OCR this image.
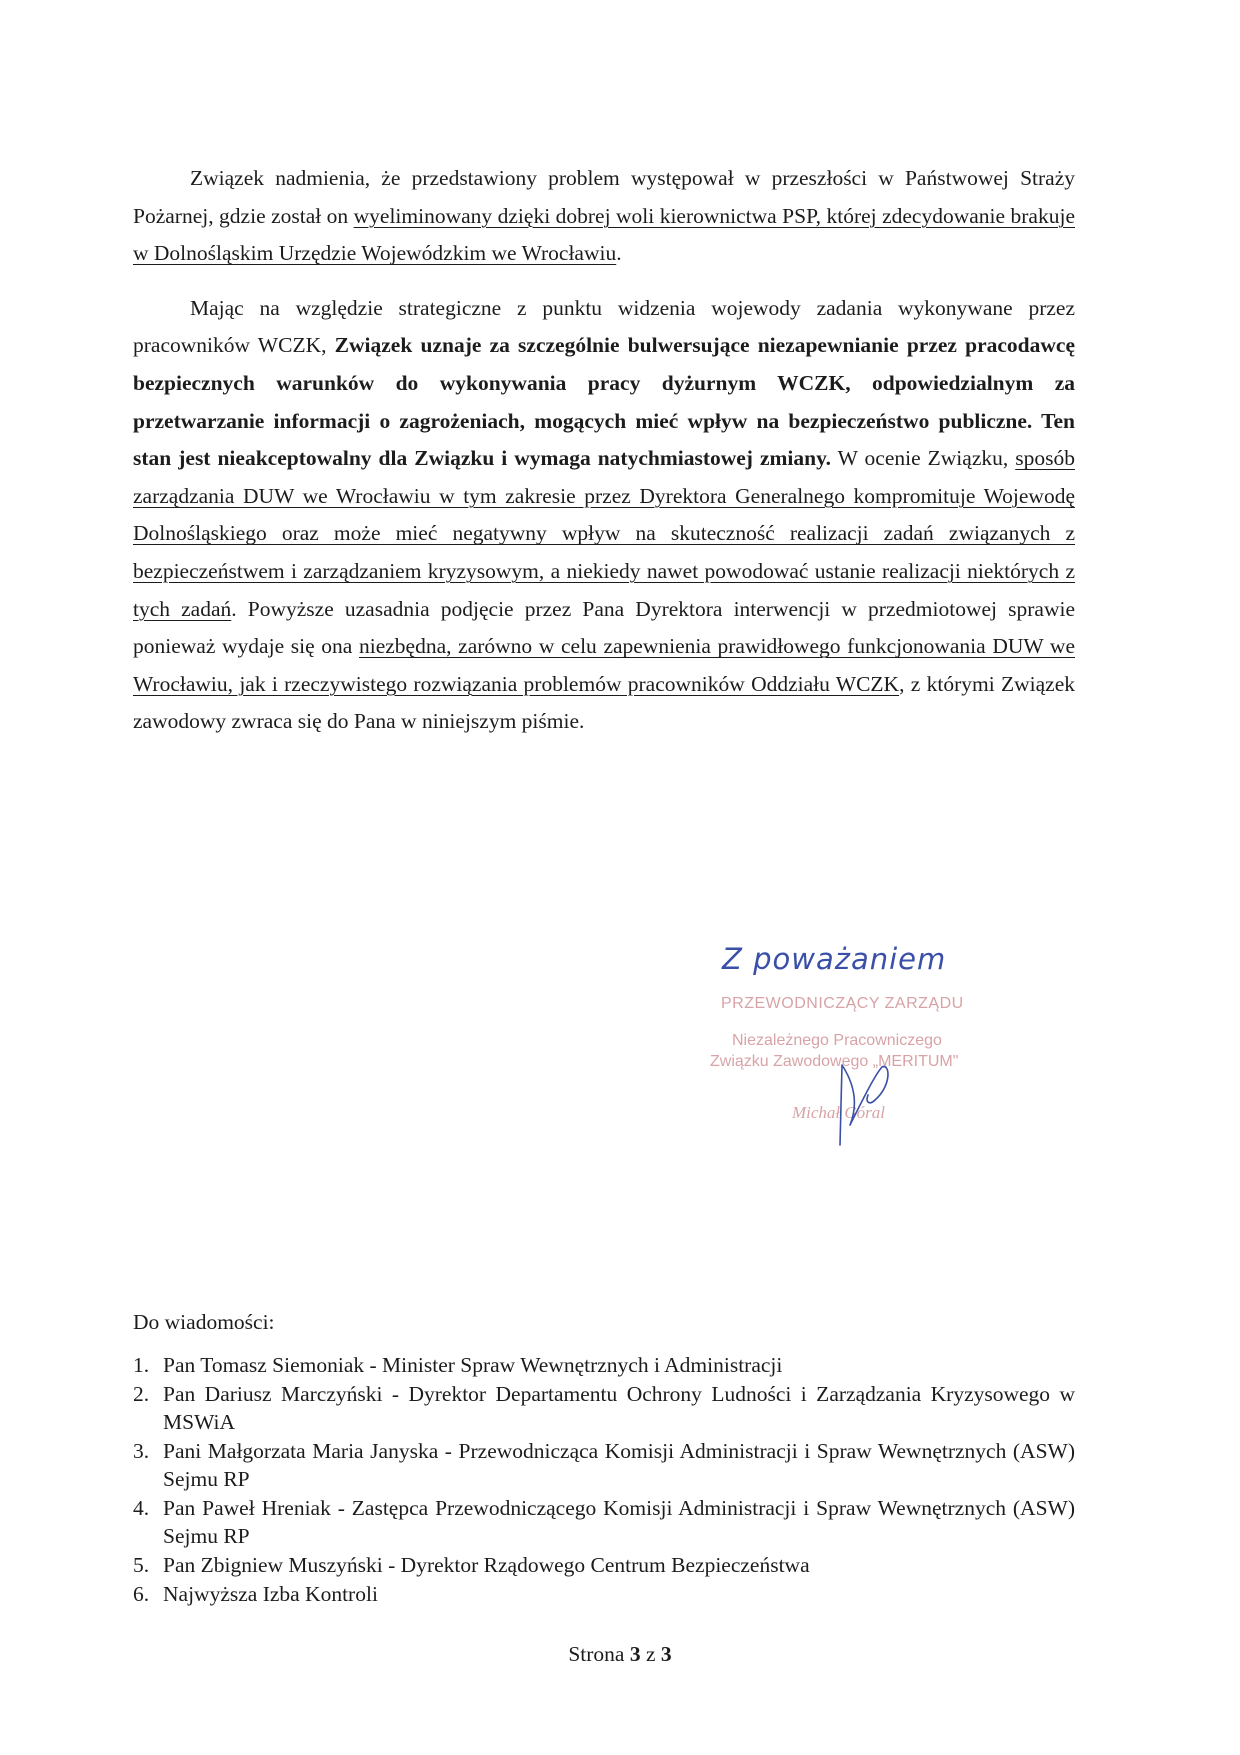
Związek nadmienia, że przedstawiony problem występował w przeszłości w Państwowej Straży Pożarnej, gdzie został on wyeliminowany dzięki dobrej woli kierownictwa PSP, której zdecydowanie brakuje w Dolnośląskim Urzędzie Wojewódzkim we Wrocławiu.

Mając na względzie strategiczne z punktu widzenia wojewody zadania wykonywane przez pracowników WCZK, Związek uznaje za szczególnie bulwersujące niezapewnianie przez pracodawcę bezpiecznych warunków do wykonywania pracy dyżurnym WCZK, odpowiedzialnym za przetwarzanie informacji o zagrożeniach, mogących mieć wpływ na bezpieczeństwo publiczne. Ten stan jest nieakceptowalny dla Związku i wymaga natychmiastowej zmiany. W ocenie Związku, sposób zarządzania DUW we Wrocławiu w tym zakresie przez Dyrektora Generalnego kompromituje Wojewodę Dolnośląskiego oraz może mieć negatywny wpływ na skuteczność realizacji zadań związanych z bezpieczeństwem i zarządzaniem kryzysowym, a niekiedy nawet powodować ustanie realizacji niektórych z tych zadań. Powyższe uzasadnia podjęcie przez Pana Dyrektora interwencji w przedmiotowej sprawie ponieważ wydaje się ona niezbędna, zarówno w celu zapewnienia prawidłowego funkcjonowania DUW we Wrocławiu, jak i rzeczywistego rozwiązania problemów pracowników Oddziału WCZK, z którymi Związek zawodowy zwraca się do Pana w niniejszym piśmie.

Z poważaniem
PRZEWODNICZĄCY ZARZĄDU
Niezależnego Pracowniczego
Związku Zawodowego „MERITUM"
Michał Góral
Do wiadomości:
1. Pan Tomasz Siemoniak - Minister Spraw Wewnętrznych i Administracji
2. Pan Dariusz Marczyński - Dyrektor Departamentu Ochrony Ludności i Zarządzania Kryzysowego w MSWiA
3. Pani Małgorzata Maria Janyska - Przewodnicząca Komisji Administracji i Spraw Wewnętrznych (ASW) Sejmu RP
4. Pan Paweł Hreniak - Zastępca Przewodniczącego Komisji Administracji i Spraw Wewnętrznych (ASW) Sejmu RP
5. Pan Zbigniew Muszyński - Dyrektor Rządowego Centrum Bezpieczeństwa
6. Najwyższa Izba Kontroli
Strona 3 z 3
